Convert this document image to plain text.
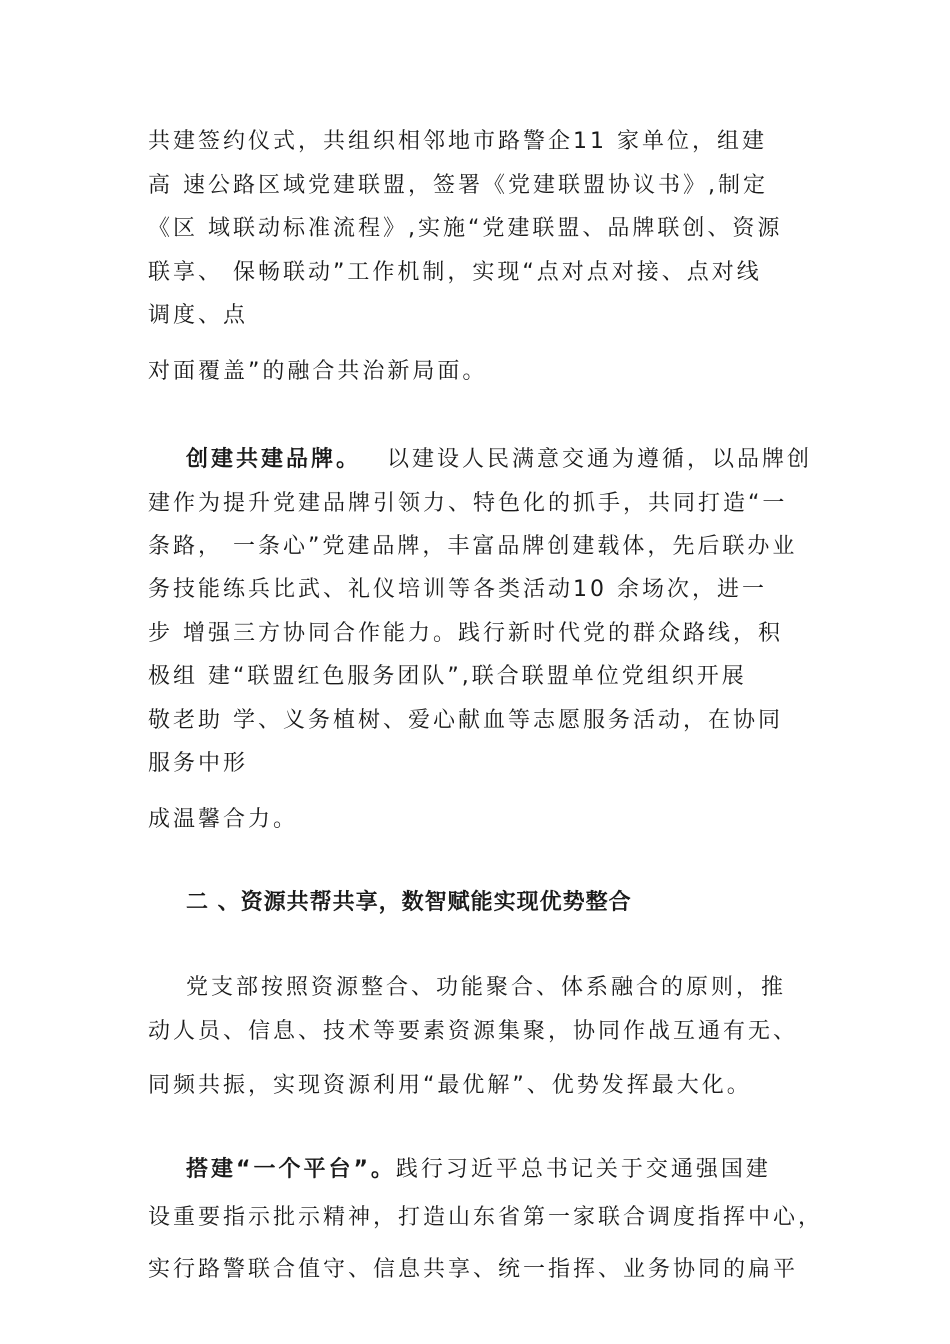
共建签约仪式，共组织相邻地市路警企11 家单位，组建
高 速公路区域党建联盟，签署《党建联盟协议书》,制定
《区 域联动标准流程》,实施“党建联盟、品牌联创、资源
联享、 保畅联动”工作机制，实现“点对点对接、点对线
调度、点
对面覆盖”的融合共治新局面。
创建共建品牌。 以建设人民满意交通为遵循，以品牌创
建作为提升党建品牌引领力、特色化的抓手，共同打造“一
条路， 一条心”党建品牌，丰富品牌创建载体，先后联办业
务技能练兵比武、礼仪培训等各类活动10 余场次，进一
步 增强三方协同合作能力。践行新时代党的群众路线，积
极组 建“联盟红色服务团队”,联合联盟单位党组织开展
敬老助 学、义务植树、爱心献血等志愿服务活动，在协同
服务中形
成温馨合力。
二 、资源共帮共享，数智赋能实现优势整合
党支部按照资源整合、功能聚合、体系融合的原则，推
动人员、信息、技术等要素资源集聚，协同作战互通有无、
同频共振，实现资源利用“最优解”、优势发挥最大化。
搭建“一个平台”。践行习近平总书记关于交通强国建
设重要指示批示精神，打造山东省第一家联合调度指挥中心，
实行路警联合值守、信息共享、统一指挥、业务协同的扁平
